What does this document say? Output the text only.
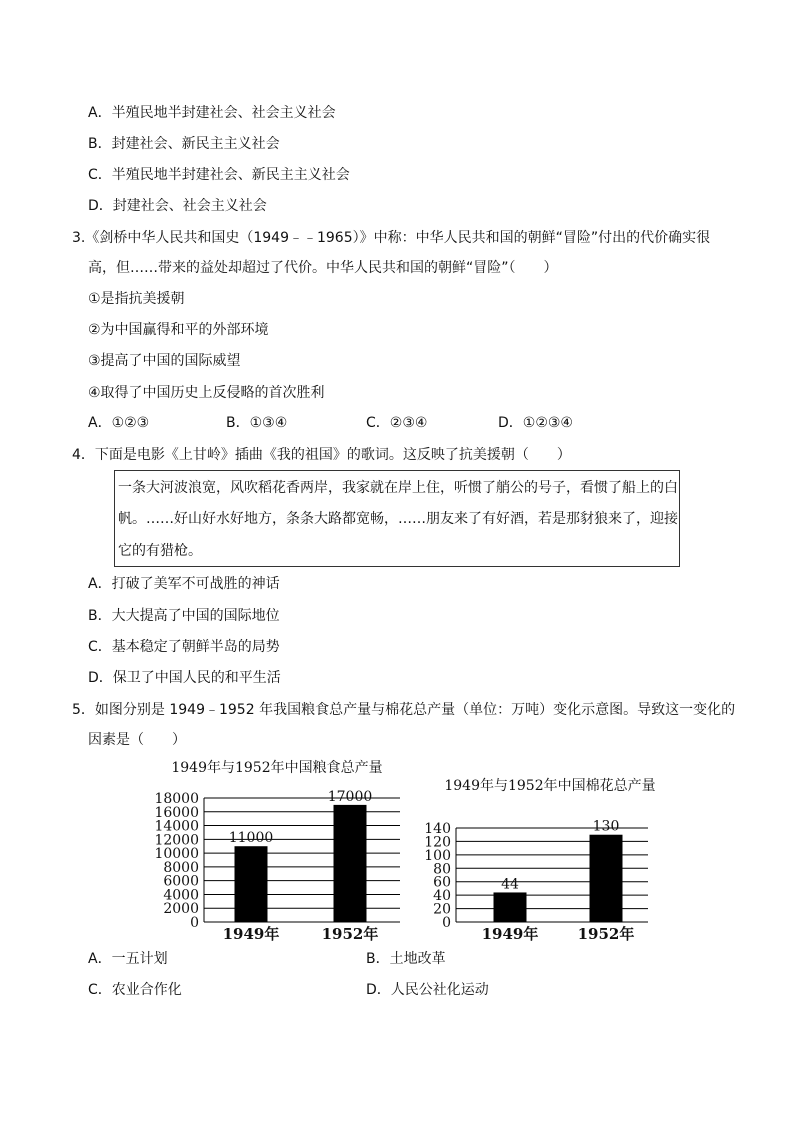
A．半殖民地半封建社会、社会主义社会
B．封建社会、新民主主义社会
C．半殖民地半封建社会、新民主主义社会
D．封建社会、社会主义社会
3.《剑桥中华人民共和国史（1949﹣﹣1965）》中称：中华人民共和国的朝鲜“冒险”付出的代价确实很
高，但……带来的益处却超过了代价。中华人民共和国的朝鲜“冒险”（　　）
①是指抗美援朝
②为中国赢得和平的外部环境
③提高了中国的国际威望
④取得了中国历史上反侵略的首次胜利
A．①②③	B．①③④	C．②③④	D．①②③④
4．下面是电影《上甘岭》插曲《我的祖国》的歌词。这反映了抗美援朝（　　）
一条大河波浪宽，风吹稻花香两岸，我家就在岸上住，听惯了艄公的号子，看惯了船上的白
帆。……好山好水好地方，条条大路都宽畅，……朋友来了有好酒，若是那豺狼来了，迎接
它的有猎枪。
A．打破了美军不可战胜的神话
B．大大提高了中国的国际地位
C．基本稳定了朝鲜半岛的局势
D．保卫了中国人民的和平生活
5．如图分别是 1949﹣1952 年我国粮食总产量与棉花总产量（单位：万吨）变化示意图。导致这一变化的
因素是（　　）
1949年与1952年中国粮食总产量
0
2000
4000
6000
8000
10000
12000
14000
16000
18000
11000
1949年
17000
1952年
1949年与1952年中国棉花总产量
0
20
40
60
80
100
120
140
44
1949年
130
1952年
A．一五计划	B．土地改革
C．农业合作化	D．人民公社化运动
